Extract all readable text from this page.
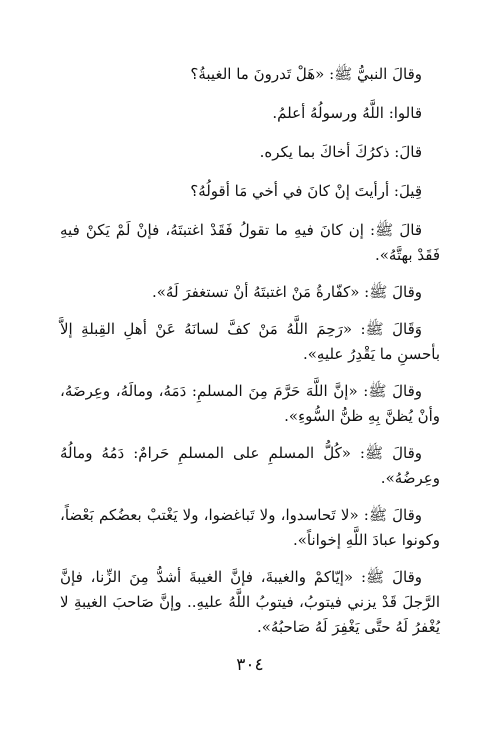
وقالَ النبيُّ ﷺ: «هَلْ تَدرونَ ما الغيبةُ؟

قالوا: اللَّهُ ورسولُهُ أعلمُ.

قالَ: ذكرُكَ أخاكَ بما يكره.

قِيلَ: أرأيتَ إنْ كانَ في أخي مَا أقولُهُ؟

قالَ ﷺ: إن كانَ فيهِ ما تقولُ فَقَدْ اغتبتَهُ، فإنْ لَمْ يَكنْ فيهِ فَقَدْ بهتَّهُ».

وقالَ ﷺ: «كفّارةُ مَنْ اغتبتَهُ أنْ تستغفرَ لَهُ».

وَقَالَ ﷺ: «رَحِمَ اللَّهُ مَنْ كفَّ لسانَهُ عَنْ أهلِ القِبلةِ إلاَّ بأحسنِ ما يَقْدِرُ عليهِ».

وقالَ ﷺ: «إنَّ اللَّهَ حَرَّمَ مِنَ المسلمِ: دَمَهُ، ومالَهُ، وعِرضَهُ، وأنْ يُظنَّ بِهِ ظنُّ السُّوءِ».

وقالَ ﷺ: «كُلُّ المسلمِ على المسلمِ حَرامٌ: دَمُهُ ومالُهُ وعِرضُهُ».

وقالَ ﷺ: «لا تَحاسدوا، ولا تَباغضوا، ولا يَغْتبْ بعضُكم بَعْضاً، وكونوا عبادَ اللَّهِ إخواناً».

وقالَ ﷺ: «إيّاكمْ والغيبةَ، فإنَّ الغيبةَ أشدُّ مِنَ الزِّنا، فإنَّ الرَّجلَ قَدْ يزني فيتوبُ، فيتوبُ اللَّهُ عليهِ.. وإنَّ صَاحبَ الغيبةِ لا يُغْفرُ لَهُ حتَّى يَغْفِرَ لَهُ صَاحبُهُ».

٣٠٤
